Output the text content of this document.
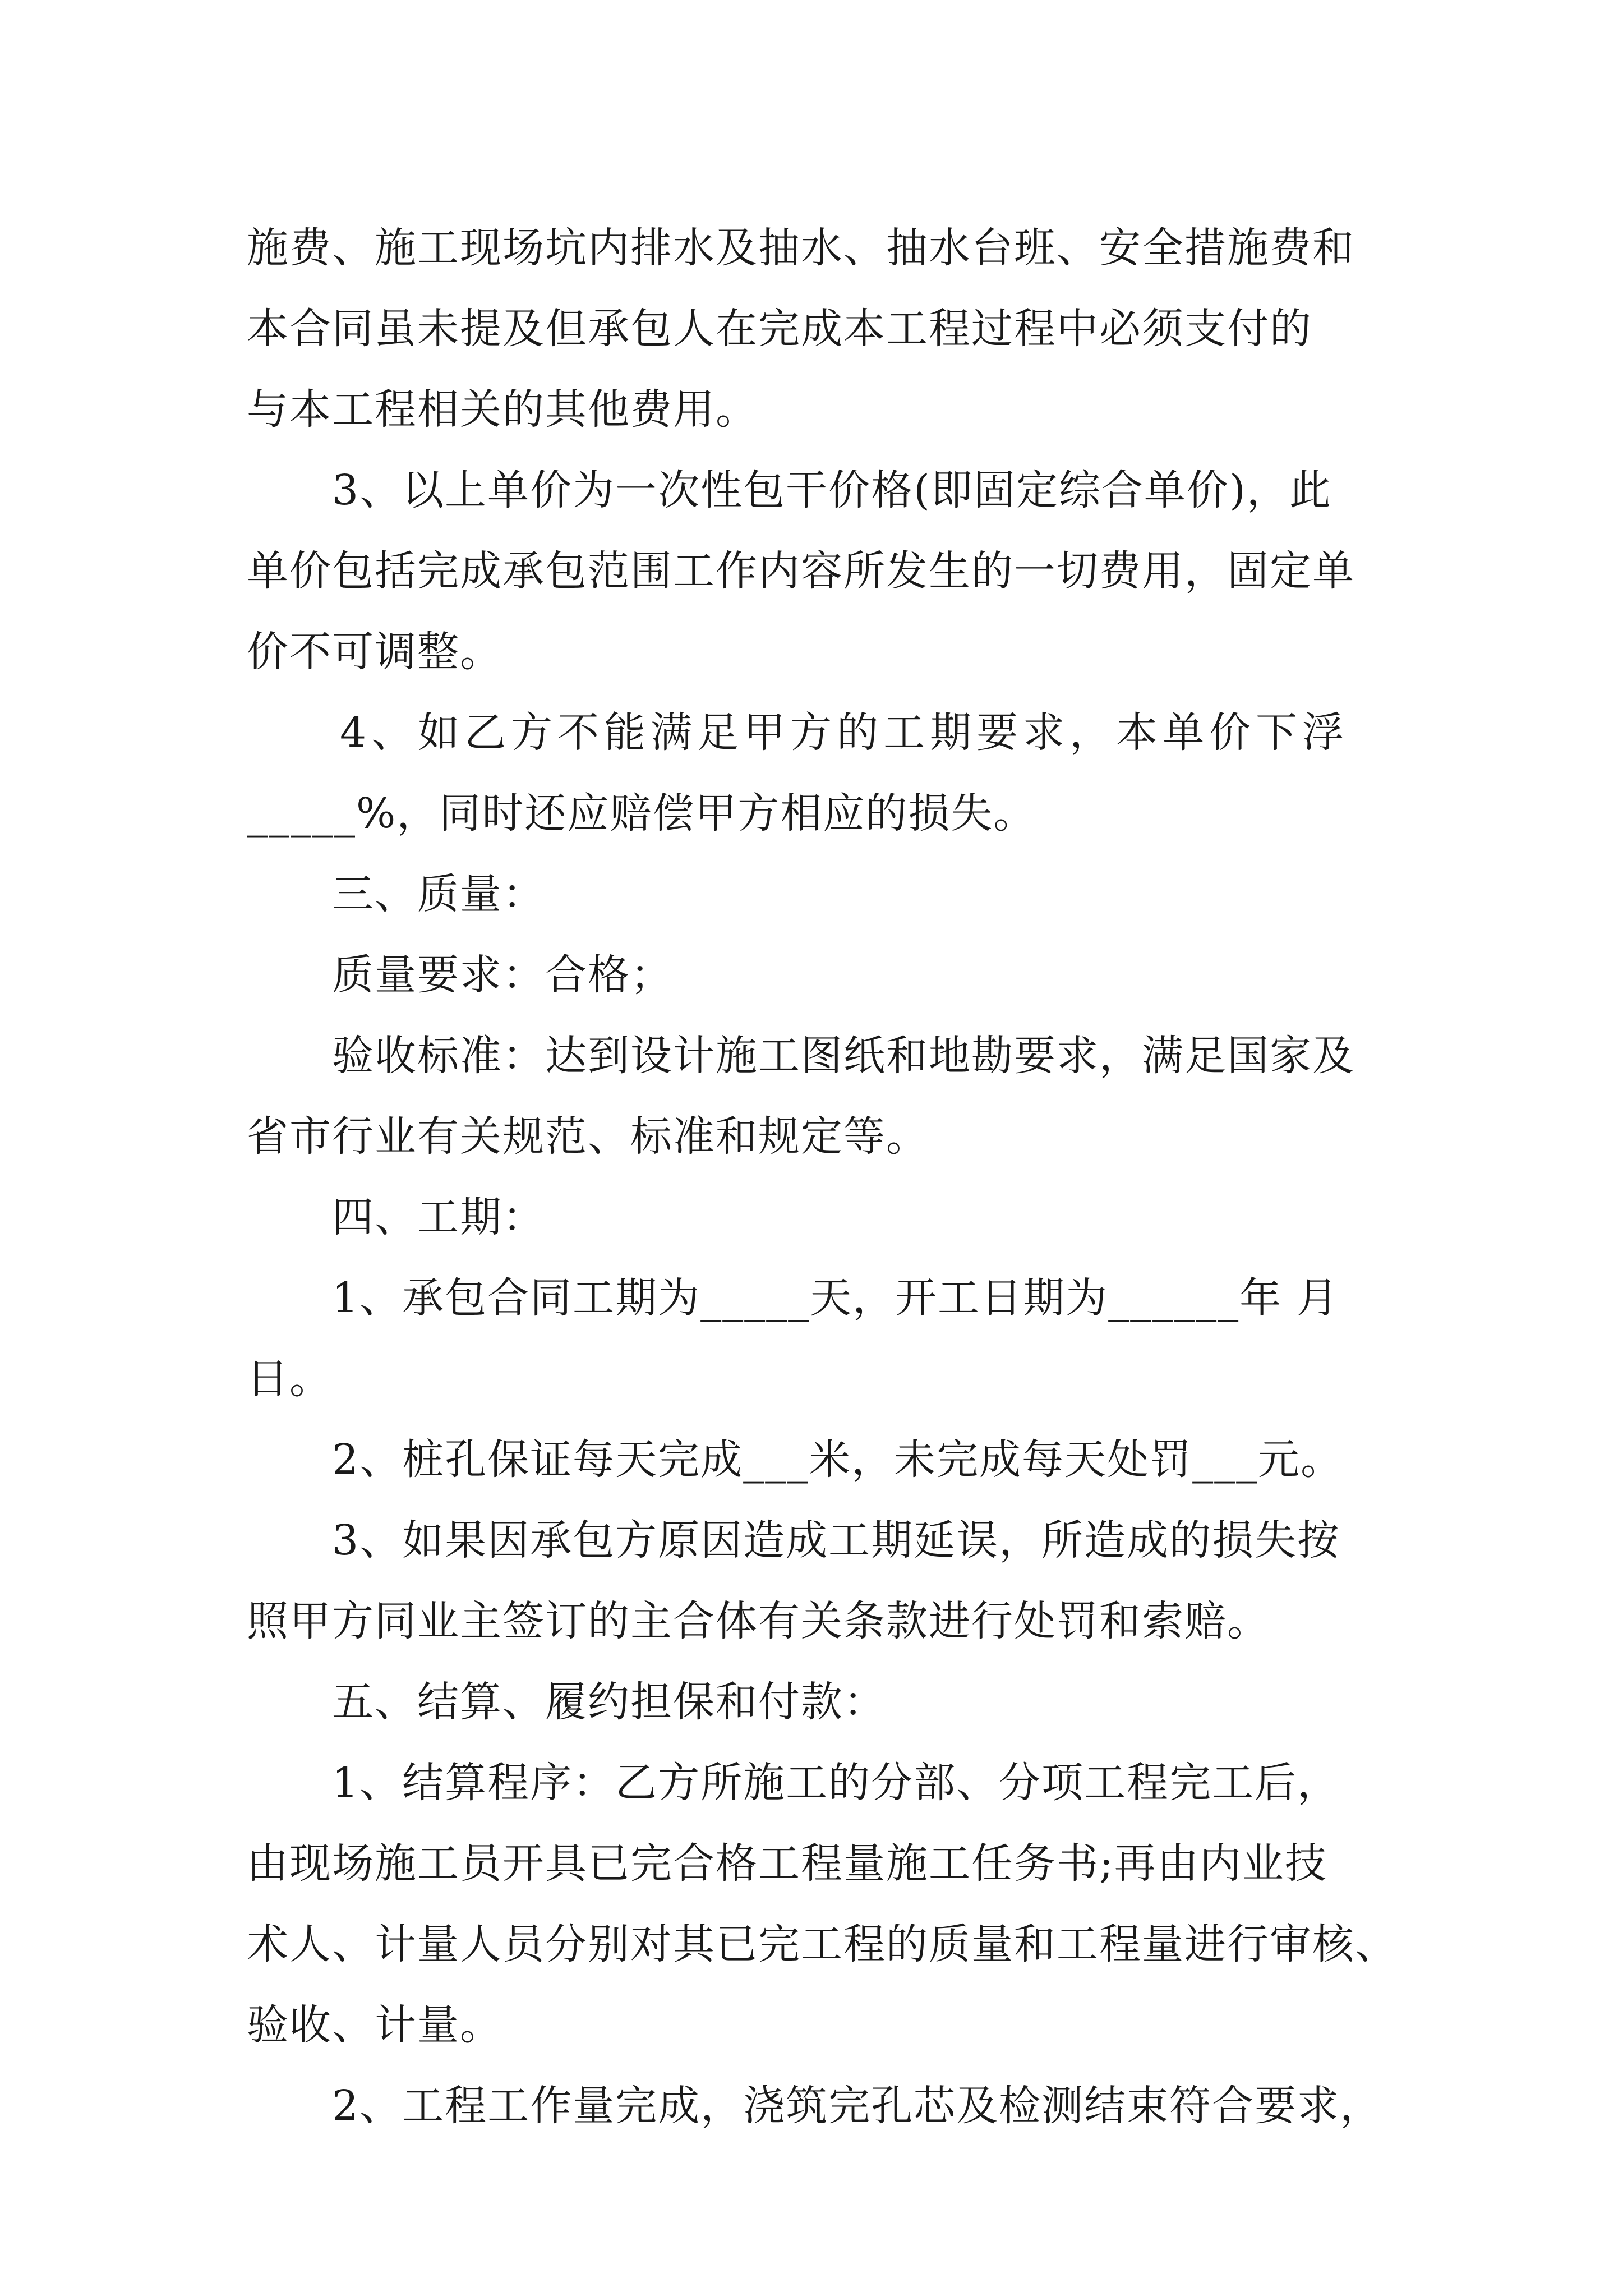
施费、施工现场坑内排水及抽水、抽水台班、安全措施费和
本合同虽未提及但承包人在完成本工程过程中必须支付的
与本工程相关的其他费用。
3、以上单价为一次性包干价格(即固定综合单价)，此
单价包括完成承包范围工作内容所发生的一切费用，固定单
价不可调整。
4、如乙方不能满足甲方的工期要求，本单价下浮
_____%，同时还应赔偿甲方相应的损失。
三、质量：
质量要求：合格；
验收标准：达到设计施工图纸和地勘要求，满足国家及
省市行业有关规范、标准和规定等。
四、工期：
1、承包合同工期为_____天，开工日期为______年 月
日。
2、桩孔保证每天完成___米，未完成每天处罚___元。
3、如果因承包方原因造成工期延误，所造成的损失按
照甲方同业主签订的主合体有关条款进行处罚和索赔。
五、结算、履约担保和付款：
1、结算程序：乙方所施工的分部、分项工程完工后，
由现场施工员开具已完合格工程量施工任务书;再由内业技
术人、计量人员分别对其已完工程的质量和工程量进行审核、
验收、计量。
2、工程工作量完成，浇筑完孔芯及检测结束符合要求，
